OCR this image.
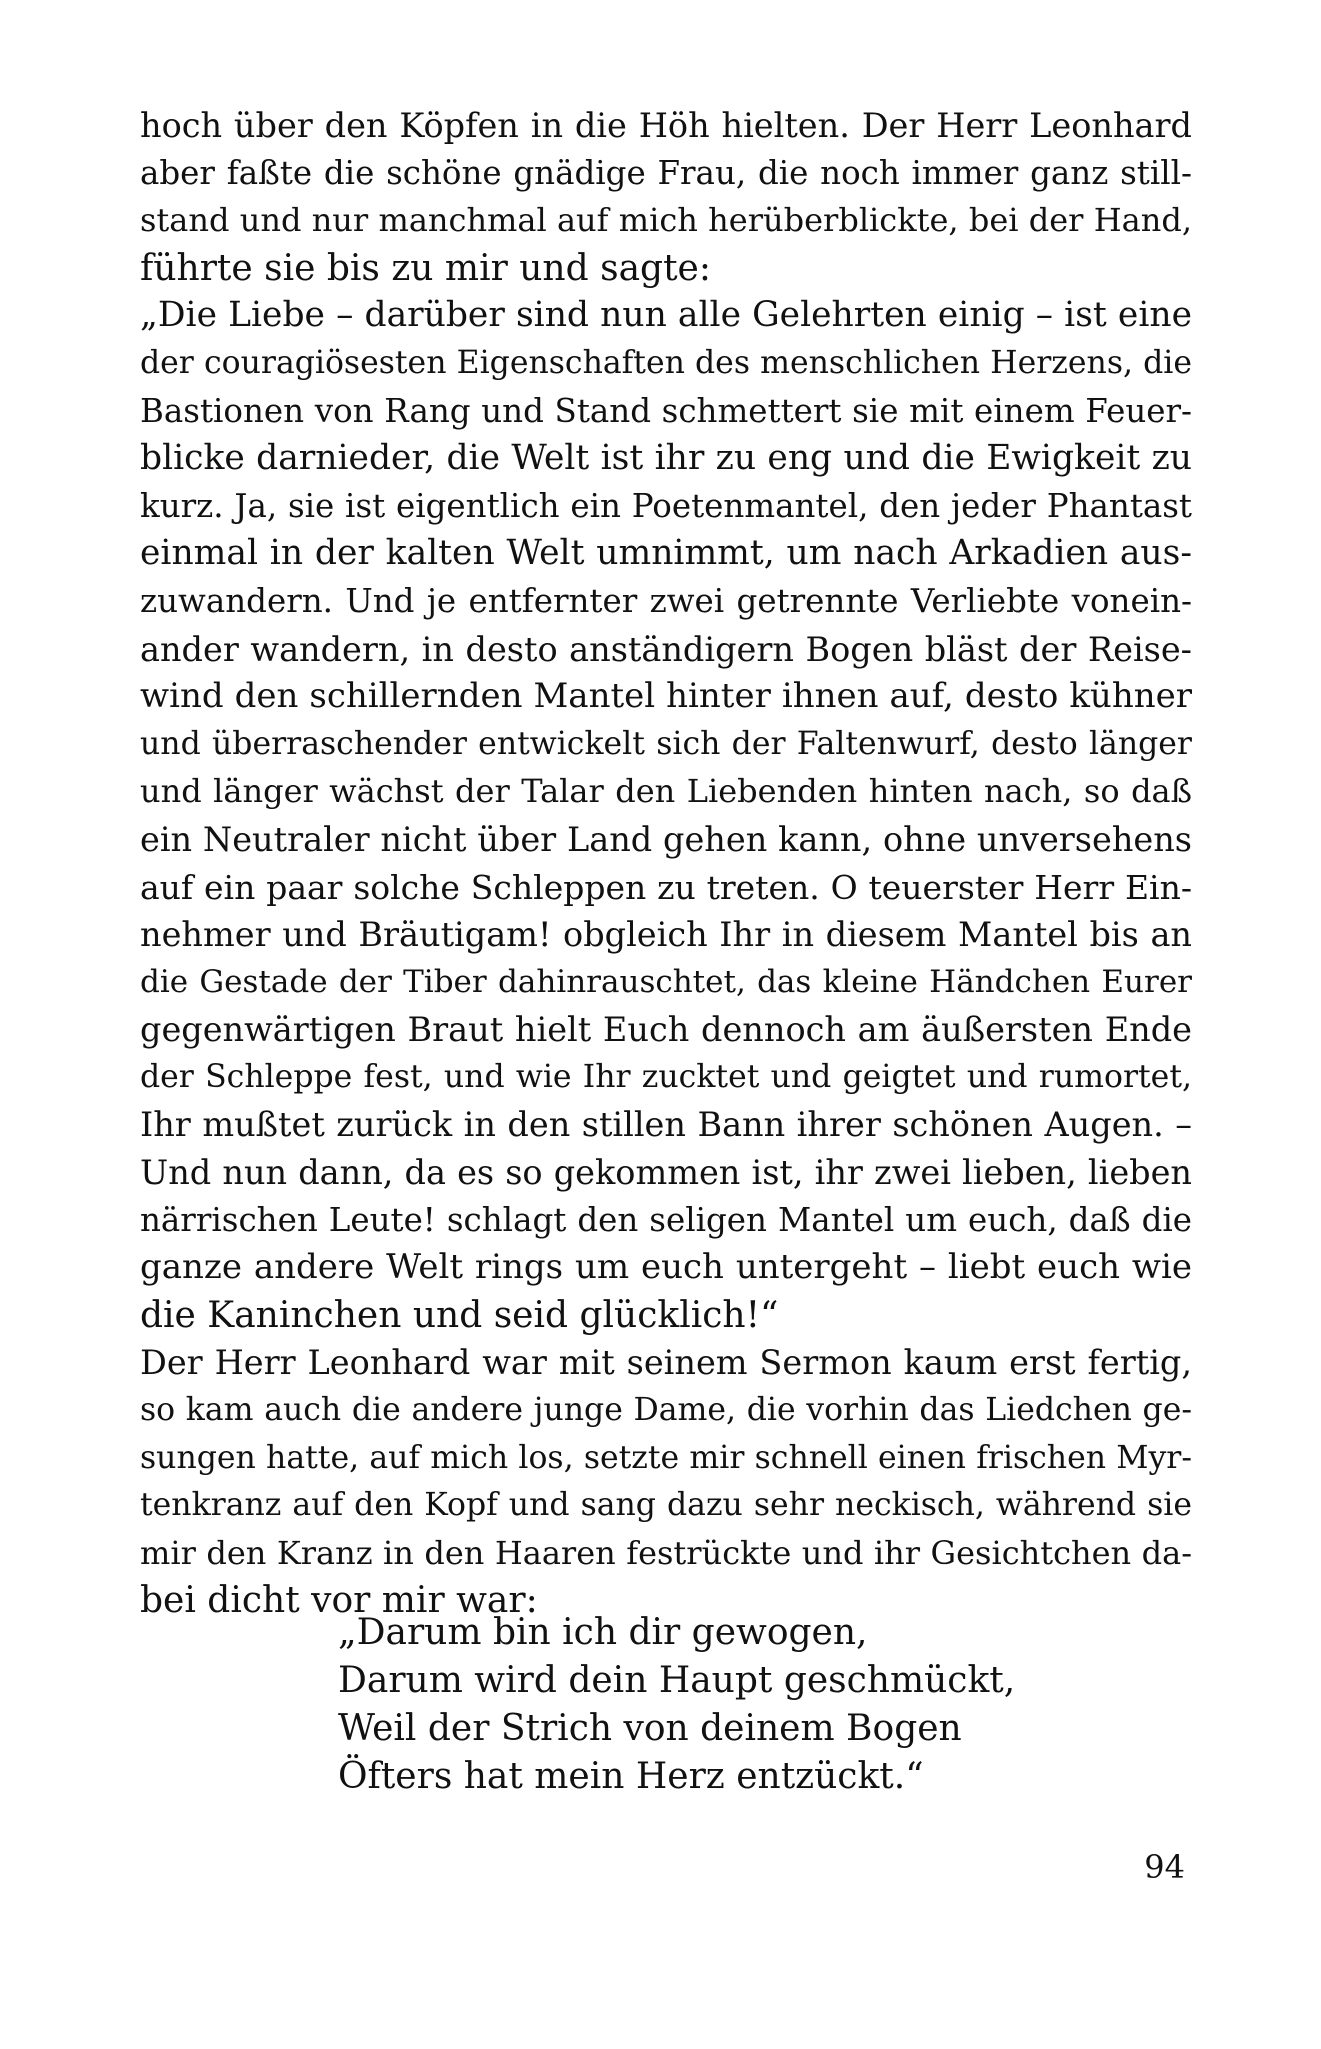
hoch über den Köpfen in die Höh hielten. Der Herr Leonhard
aber faßte die schöne gnädige Frau, die noch immer ganz still-
stand und nur manchmal auf mich herüberblickte, bei der Hand,
führte sie bis zu mir und sagte:
„Die Liebe – darüber sind nun alle Gelehrten einig – ist eine
der couragiösesten Eigenschaften des menschlichen Herzens, die
Bastionen von Rang und Stand schmettert sie mit einem Feuer-
blicke darnieder, die Welt ist ihr zu eng und die Ewigkeit zu
kurz. Ja, sie ist eigentlich ein Poetenmantel, den jeder Phantast
einmal in der kalten Welt umnimmt, um nach Arkadien aus-
zuwandern. Und je entfernter zwei getrennte Verliebte vonein-
ander wandern, in desto anständigern Bogen bläst der Reise-
wind den schillernden Mantel hinter ihnen auf, desto kühner
und überraschender entwickelt sich der Faltenwurf, desto länger
und länger wächst der Talar den Liebenden hinten nach, so daß
ein Neutraler nicht über Land gehen kann, ohne unversehens
auf ein paar solche Schleppen zu treten. O teuerster Herr Ein-
nehmer und Bräutigam! obgleich Ihr in diesem Mantel bis an
die Gestade der Tiber dahinrauschtet, das kleine Händchen Eurer
gegenwärtigen Braut hielt Euch dennoch am äußersten Ende
der Schleppe fest, und wie Ihr zucktet und geigtet und rumortet,
Ihr mußtet zurück in den stillen Bann ihrer schönen Augen. –
Und nun dann, da es so gekommen ist, ihr zwei lieben, lieben
närrischen Leute! schlagt den seligen Mantel um euch, daß die
ganze andere Welt rings um euch untergeht – liebt euch wie
die Kaninchen und seid glücklich!“
Der Herr Leonhard war mit seinem Sermon kaum erst fertig,
so kam auch die andere junge Dame, die vorhin das Liedchen ge-
sungen hatte, auf mich los, setzte mir schnell einen frischen Myr-
tenkranz auf den Kopf und sang dazu sehr neckisch, während sie
mir den Kranz in den Haaren festrückte und ihr Gesichtchen da-
bei dicht vor mir war:
„Darum bin ich dir gewogen,
Darum wird dein Haupt geschmückt,
Weil der Strich von deinem Bogen
Öfters hat mein Herz entzückt.“
94
